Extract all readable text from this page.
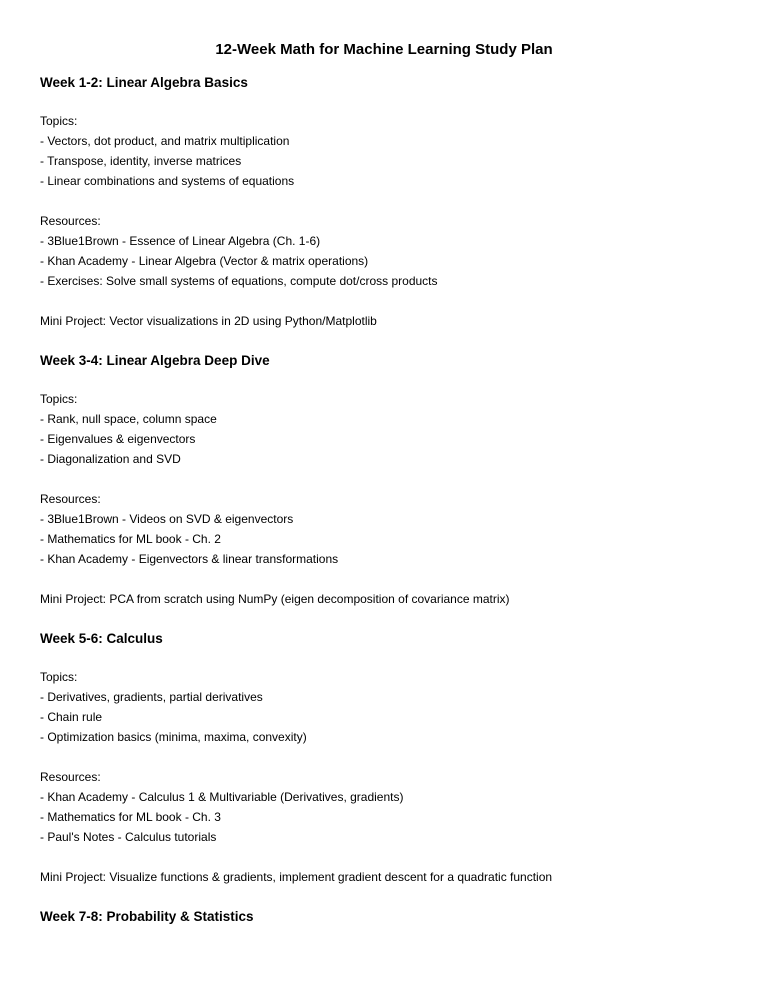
12-Week Math for Machine Learning Study Plan
Week 1-2: Linear Algebra Basics

Topics:

- Vectors, dot product, and matrix multiplication

- Transpose, identity, inverse matrices

- Linear combinations and systems of equations

Resources:

- 3Blue1Brown - Essence of Linear Algebra (Ch. 1-6)

- Khan Academy - Linear Algebra (Vector & matrix operations)

- Exercises: Solve small systems of equations, compute dot/cross products

Mini Project: Vector visualizations in 2D using Python/Matplotlib

Week 3-4: Linear Algebra Deep Dive

Topics:

- Rank, null space, column space

- Eigenvalues & eigenvectors

- Diagonalization and SVD

Resources:

- 3Blue1Brown - Videos on SVD & eigenvectors

- Mathematics for ML book - Ch. 2

- Khan Academy - Eigenvectors & linear transformations

Mini Project: PCA from scratch using NumPy (eigen decomposition of covariance matrix)

Week 5-6: Calculus

Topics:

- Derivatives, gradients, partial derivatives

- Chain rule

- Optimization basics (minima, maxima, convexity)

Resources:

- Khan Academy - Calculus 1 & Multivariable (Derivatives, gradients)

- Mathematics for ML book - Ch. 3

- Paul's Notes - Calculus tutorials

Mini Project: Visualize functions & gradients, implement gradient descent for a quadratic function

Week 7-8: Probability & Statistics
